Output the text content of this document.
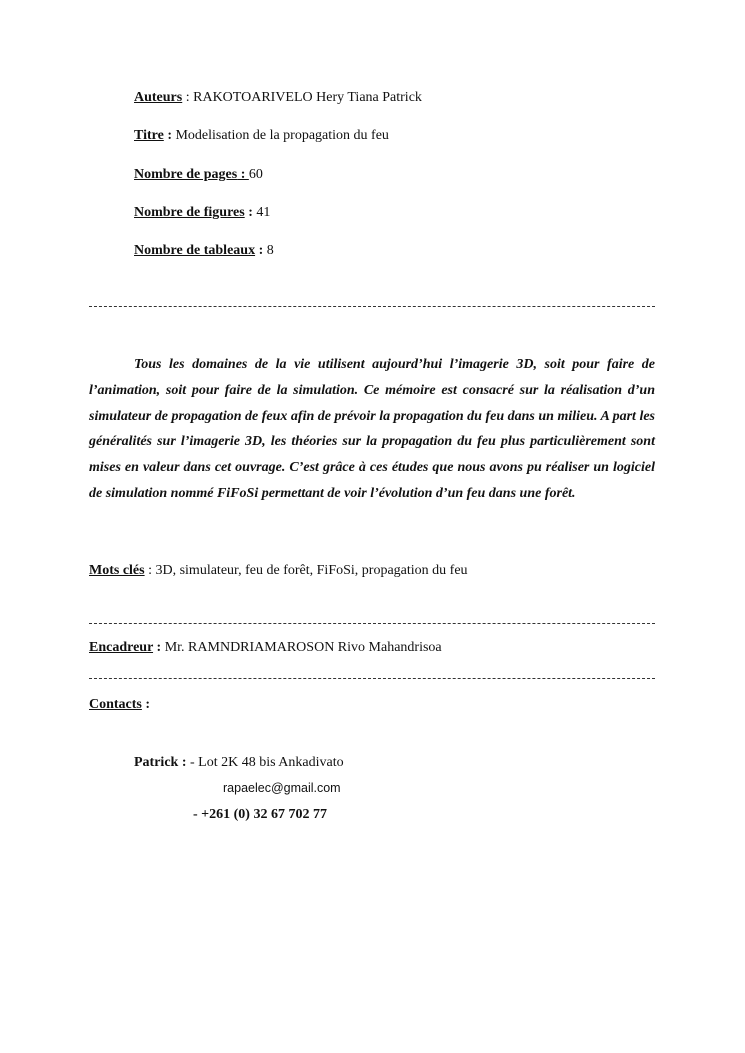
Auteurs : RAKOTOARIVELO Hery Tiana Patrick
Titre : Modelisation de la propagation du feu
Nombre de pages : 60
Nombre de figures : 41
Nombre de tableaux : 8
Tous les domaines de la vie utilisent aujourd’hui l’imagerie 3D, soit pour faire de l’animation, soit pour faire de la simulation. Ce mémoire est consacré sur la réalisation d’un simulateur de propagation de feux afin de prévoir la propagation du feu dans un milieu. A part les généralités sur l’imagerie 3D, les théories sur la propagation du feu plus particulièrement sont mises en valeur dans cet ouvrage. C’est grâce à ces études que nous avons pu réaliser un logiciel de simulation nommé FiFoSi permettant de voir l’évolution d’un feu dans une forêt.
Mots clés : 3D, simulateur, feu de forêt, FiFoSi, propagation du feu
Encadreur : Mr. RAMNDRIAMAROSON Rivo Mahandrisoa
Contacts :
Patrick : - Lot 2K 48 bis Ankadivato
rapaelec@gmail.com
- +261 (0) 32 67 702 77
